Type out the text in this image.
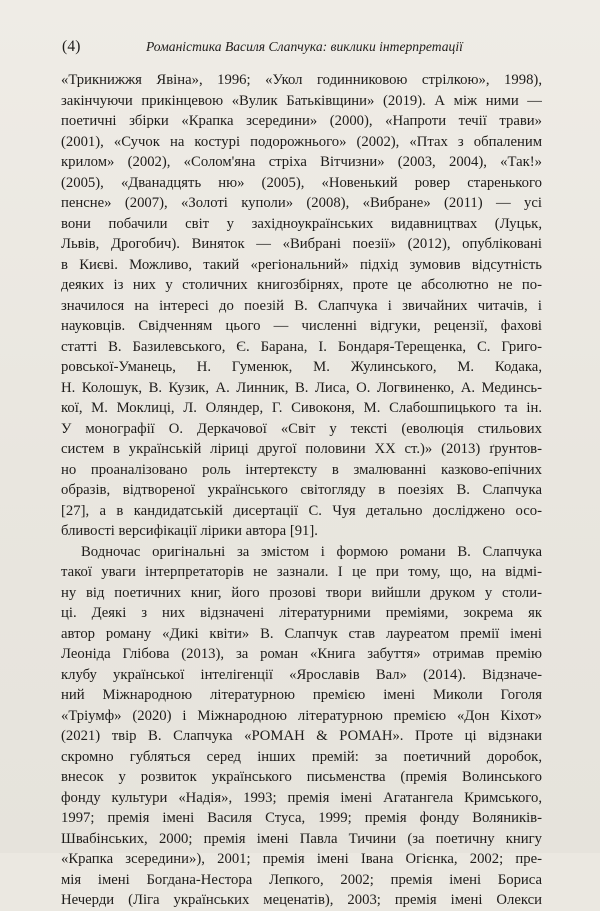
(4)	Романістика Василя Слапчука: виклики інтерпретації
«Трикнижжя Явіна», 1996; «Укол годинниковою стрілкою», 1998),
закінчуючи прикінцевою «Вулик Батьківщини» (2019). А між ними —
поетичні збірки «Крапка зсередини» (2000), «Напроти течії трави»
(2001), «Сучок на костурі подорожнього» (2002), «Птах з обпаленим
крилом» (2002), «Солом'яна стріха Вітчизни» (2003, 2004), «Так!»
(2005), «Дванадцять ню» (2005), «Новенький ровер старенького
пенсне» (2007), «Золоті куполи» (2008), «Вибране» (2011) — усі
вони побачили світ у західноукраїнських видавництвах (Луцьк,
Львів, Дрогобич). Виняток — «Вибрані поезії» (2012), опубліковані
в Києві. Можливо, такий «регіональний» підхід зумовив відсутність
деяких із них у столичних книгозбірнях, проте це абсолютно не по-
значилося на інтересі до поезій В. Слапчука і звичайних читачів, і
науковців. Свідченням цього — численні відгуки, рецензії, фахові
статті В. Базилевського, Є. Барана, І. Бондаря-Терещенка, С. Григо-
ровської-Уманець, Н. Гуменюк, М. Жулинського, М. Кодака,
Н. Колошук, В. Кузик, А. Линник, В. Лиса, О. Логвиненко, А. Мединсь-
кої, М. Моклиці, Л. Оляндер, Г. Сивоконя, М. Слабошпицького та ін.
У монографії О. Деркачової «Світ у тексті (еволюція стильових
систем в українській ліриці другої половини XX ст.)» (2013) ґрунтов-
но проаналізовано роль інтертексту в змалюванні казково-епічних
образів, відтвореної українського світогляду в поезіях В. Слапчука
[27], а в кандидатській дисертації С. Чуя детально досліджено осо-
бливості версифікації лірики автора [91].
Водночас оригінальні за змістом і формою романи В. Слапчука
такої уваги інтерпретаторів не зазнали. І це при тому, що, на відмі-
ну від поетичних книг, його прозові твори вийшли друком у столи-
ці. Деякі з них відзначені літературними преміями, зокрема як
автор роману «Дикі квіти» В. Слапчук став лауреатом премії імені
Леоніда Глібова (2013), за роман «Книга забуття» отримав премію
клубу української інтелігенції «Ярославів Вал» (2014). Відзначе-
ний Міжнародною літературною премією імені Миколи Гоголя
«Тріумф» (2020) і Міжнародною літературною премією «Дон Кіхот»
(2021) твір В. Слапчука «РОМАН & РОМАН». Проте ці відзнаки
скромно губляться серед інших премій: за поетичний доробок,
внесок у розвиток українського письменства (премія Волинського
фонду культури «Надія», 1993; премія імені Агатангела Кримського,
1997; премія імені Василя Стуса, 1999; премія фонду Воляників-
Швабінських, 2000; премія імені Павла Тичини (за поетичну книгу
«Крапка зсередини»), 2001; премія імені Івана Огієнка, 2002; пре-
мія імені Богдана-Нестора Лепкого, 2002; премія імені Бориса
Нечерди (Ліга українських меценатів), 2003; премія імені Олекси
